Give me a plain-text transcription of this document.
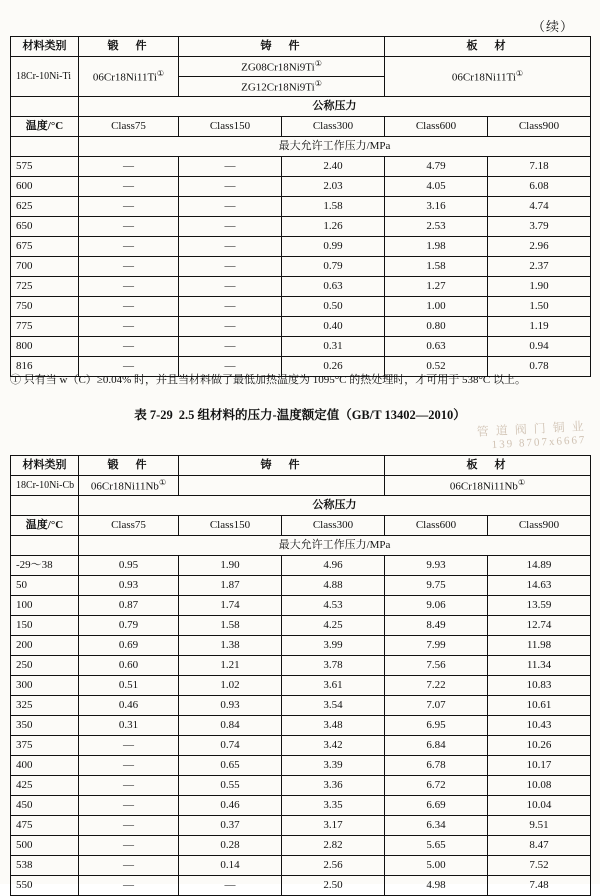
（续）
材料类别	锻　件	铸　件		板　材	
18Cr-10Ni-Ti	06Cr18Ni11Ti①	ZG08Cr18Ni9Ti①		06Cr18Ni11Ti①
		ZG12Cr18Ni9Ti①
	公称压力				
温度/°C	Class75	Class150	Class300	Class600	Class900
	最大允许工作压力/MPa				
575	—	—	2.40	4.79	7.18
600	—	—	2.03	4.05	6.08
625	—	—	1.58	3.16	4.74
650	—	—	1.26	2.53	3.79
675	—	—	0.99	1.98	2.96
700	—	—	0.79	1.58	2.37
725	—	—	0.63	1.27	1.90
750	—	—	0.50	1.00	1.50
775	—	—	0.40	0.80	1.19
800	—	—	0.31	0.63	0.94
816	—	—	0.26	0.52	0.78
① 只有当 w（C）≥0.04% 时，并且当材料做了最低加热温度为 1095°C 的热处理时，才可用于 538°C 以上。
表 7-29 2.5 组材料的压力-温度额定值（GB/T 13402—2010）
管 道 阀 门 铜 业
139 8707x6667
材料类别	锻　件	铸　件		板　材	
18Cr-10Ni-Cb	06Cr18Ni11Nb①			06Cr18Ni11Nb①
	公称压力				
温度/°C	Class75	Class150	Class300	Class600	Class900
	最大允许工作压力/MPa				
-29～38	0.95	1.90	4.96	9.93	14.89
50	0.93	1.87	4.88	9.75	14.63
100	0.87	1.74	4.53	9.06	13.59
150	0.79	1.58	4.25	8.49	12.74
200	0.69	1.38	3.99	7.99	11.98
250	0.60	1.21	3.78	7.56	11.34
300	0.51	1.02	3.61	7.22	10.83
325	0.46	0.93	3.54	7.07	10.61
350	0.31	0.84	3.48	6.95	10.43
375	—	0.74	3.42	6.84	10.26
400	—	0.65	3.39	6.78	10.17
425	—	0.55	3.36	6.72	10.08
450	—	0.46	3.35	6.69	10.04
475	—	0.37	3.17	6.34	9.51
500	—	0.28	2.82	5.65	8.47
538	—	0.14	2.56	5.00	7.52
550	—	—	2.50	4.98	7.48
